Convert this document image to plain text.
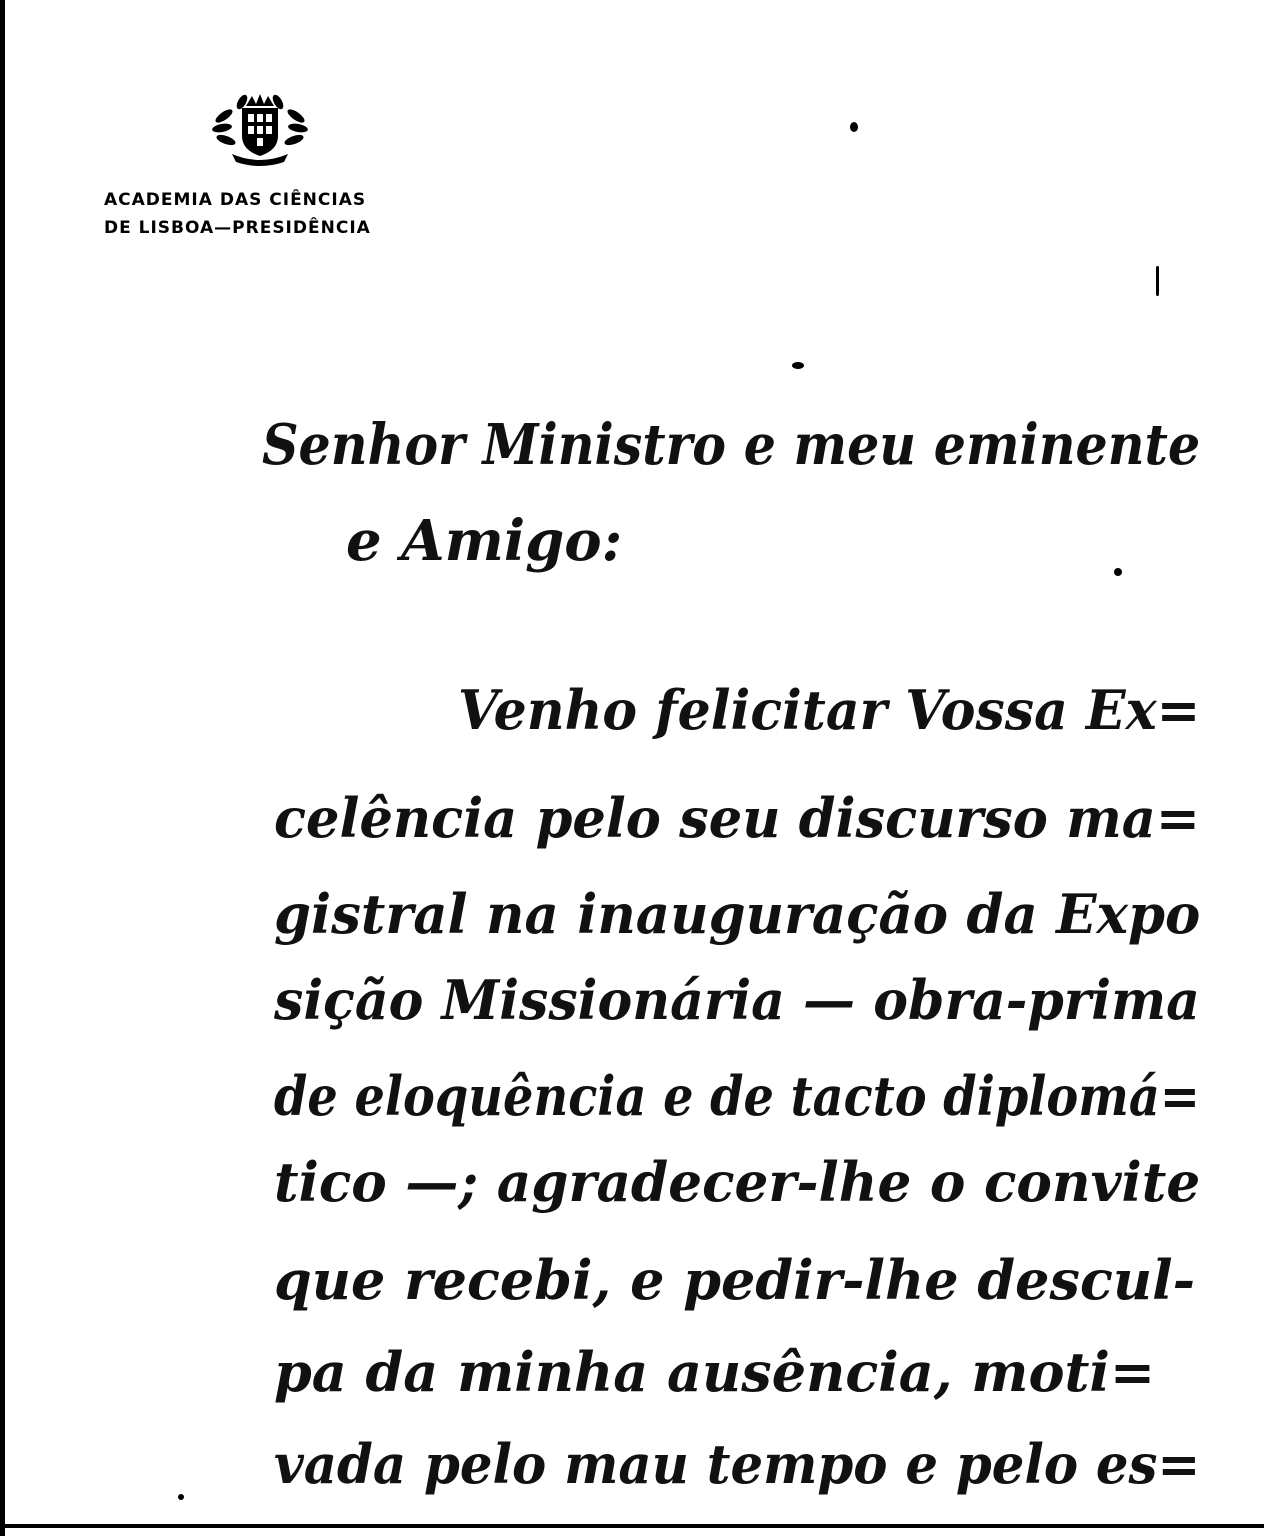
ACADEMIA DAS CIÊNCIAS
DE LISBOA—PRESIDÊNCIA
Senhor Ministro e meu eminente
e Amigo:
Venho felicitar Vossa Ex=
celência pelo seu discurso ma=
gistral na inauguração da Expo
sição Missionária — obra-prima
de eloquência e de tacto diplomá=
tico —; agradecer-lhe o convite
que recebi, e pedir-lhe descul-
pa da minha ausência, moti=
vada pelo mau tempo e pelo es=
